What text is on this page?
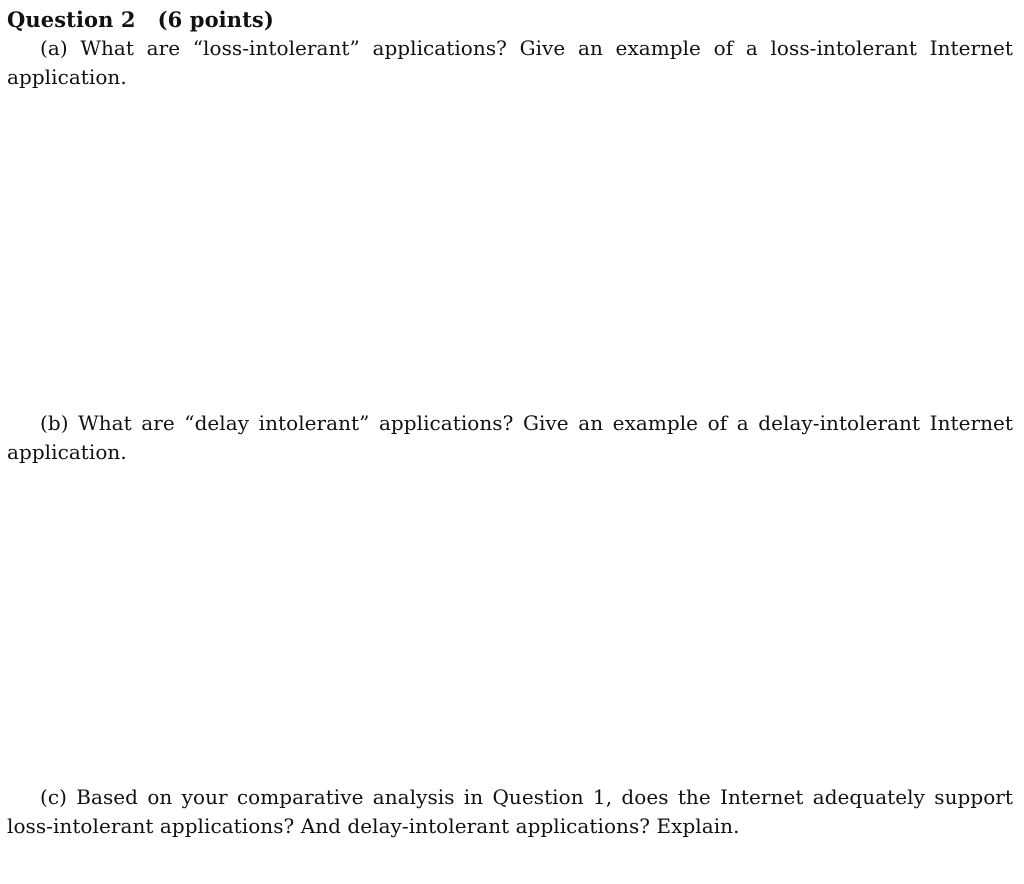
Question 2 (6 points)

(a) What are “loss-intolerant” applications? Give an example of a loss-intolerant Internet application.

(b) What are “delay intolerant” applications? Give an example of a delay-intolerant Internet application.

(c) Based on your comparative analysis in Question 1, does the Internet adequately support loss-intolerant applications? And delay-intolerant applications? Explain.
